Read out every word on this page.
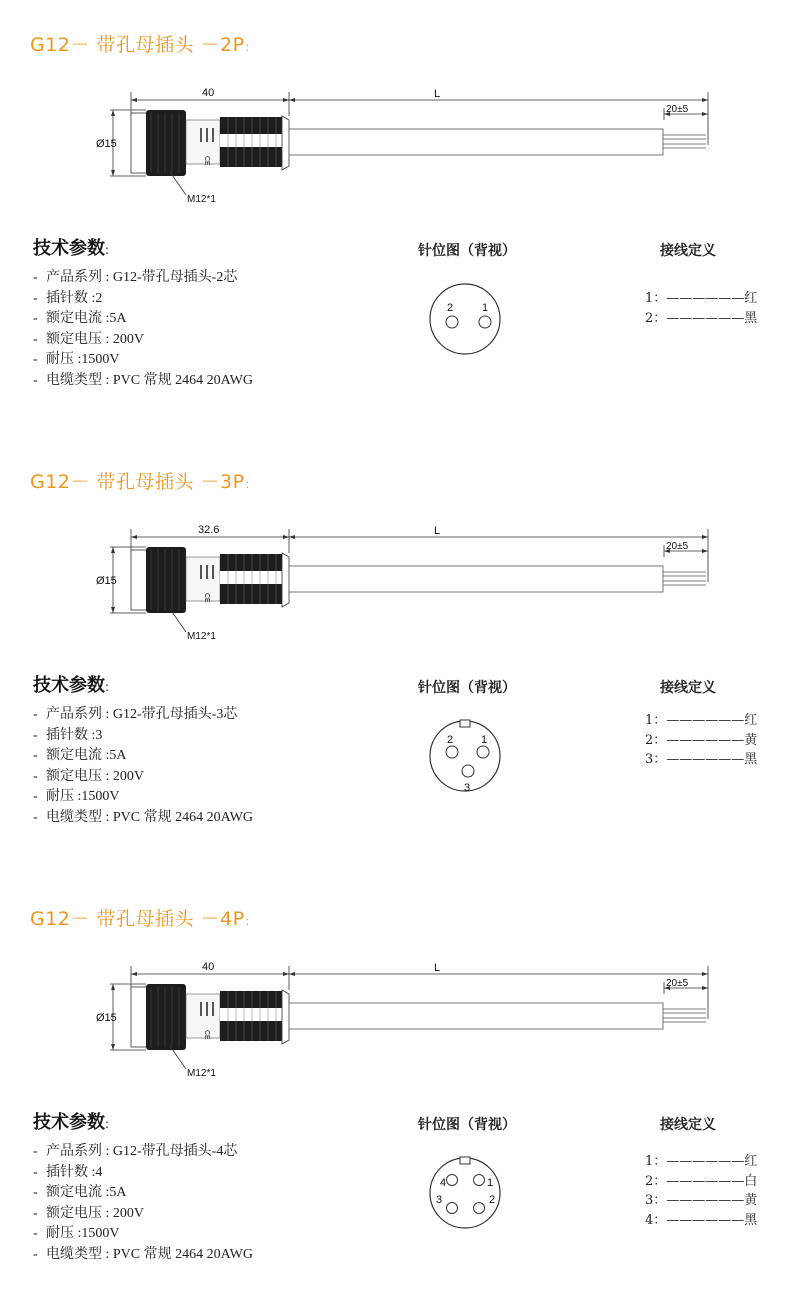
G12－ 带孔母插头 －2P：
40	L
20±5
Ø15
CE
M12*1
技术参数:
- 产品系列 : G12-带孔母插头-2芯
- 插针数 :2
- 额定电流 :5A
- 额定电压 : 200V
- 耐压 :1500V
- 电缆类型 : PVC 常规 2464 20AWG
针位图（背视）
2	1
接线定义
1：——————红
2：——————黑
G12－ 带孔母插头 －3P：
32.6	L
20±5
Ø15
CE
M12*1
技术参数:
- 产品系列 : G12-带孔母插头-3芯
- 插针数 :3
- 额定电流 :5A
- 额定电压 : 200V
- 耐压 :1500V
- 电缆类型 : PVC 常规 2464 20AWG
针位图（背视）
2	1
3
接线定义
1：——————红
2：——————黄
3：——————黑
G12－ 带孔母插头 －4P：
40	L
20±5
Ø15
CE
M12*1
技术参数:
- 产品系列 : G12-带孔母插头-4芯
- 插针数 :4
- 额定电流 :5A
- 额定电压 : 200V
- 耐压 :1500V
- 电缆类型 : PVC 常规 2464 20AWG
针位图（背视）
4	1
3	2
接线定义
1：——————红
2：——————白
3：——————黄
4：——————黑
